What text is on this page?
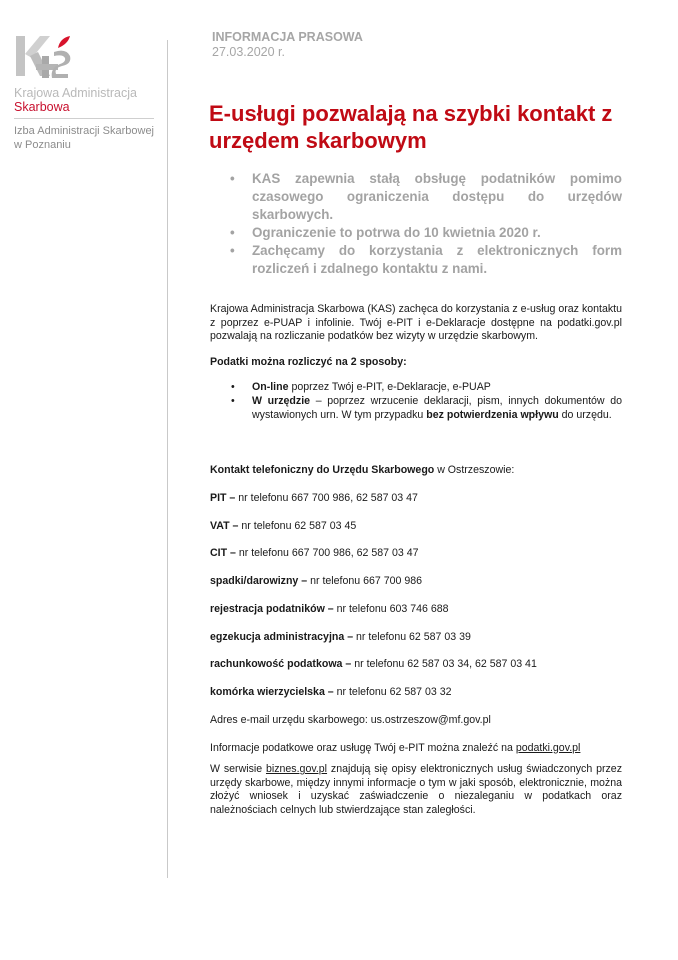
Krajowa Administracja
Skarbowa
Izba Administracji Skarbowej w Poznaniu
INFORMACJA PRASOWA
27.03.2020 r.
E-usługi pozwalają na szybki kontakt z urzędem skarbowym
• KAS zapewnia stałą obsługę podatników pomimo czasowego ograniczenia dostępu do urzędów skarbowych.
• Ograniczenie to potrwa do 10 kwietnia 2020 r.
• Zachęcamy do korzystania z elektronicznych form rozliczeń i zdalnego kontaktu z nami.

Krajowa Administracja Skarbowa (KAS) zachęca do korzystania z e-usług oraz kontaktu z poprzez e-PUAP i infolinie. Twój e-PIT i e-Deklaracje dostępne na podatki.gov.pl pozwalają na rozliczanie podatków bez wizyty w urzędzie skarbowym.

Podatki można rozliczyć na 2 sposoby:

• On-line poprzez Twój e-PIT, e-Deklaracje, e-PUAP
• W urzędzie – poprzez wrzucenie deklaracji, pism, innych dokumentów do wystawionych urn. W tym przypadku bez potwierdzenia wpływu do urzędu.

Kontakt telefoniczny do Urzędu Skarbowego w Ostrzeszowie:

PIT – nr telefonu 667 700 986, 62 587 03 47

VAT – nr telefonu 62 587 03 45

CIT – nr telefonu 667 700 986, 62 587 03 47

spadki/darowizny – nr telefonu 667 700 986

rejestracja podatników – nr telefonu 603 746 688

egzekucja administracyjna – nr telefonu 62 587 03 39

rachunkowość podatkowa – nr telefonu 62 587 03 34, 62 587 03 41

komórka wierzycielska – nr telefonu 62 587 03 32

Adres e-mail urzędu skarbowego: us.ostrzeszow@mf.gov.pl

Informacje podatkowe oraz usługę Twój e-PIT można znaleźć na podatki.gov.pl

W serwisie biznes.gov.pl znajdują się opisy elektronicznych usług świadczonych przez urzędy skarbowe, między innymi informacje o tym w jaki sposób, elektronicznie, można złożyć wniosek i uzyskać zaświadczenie o niezaleganiu w podatkach oraz należnościach celnych lub stwierdzające stan zaległości.
